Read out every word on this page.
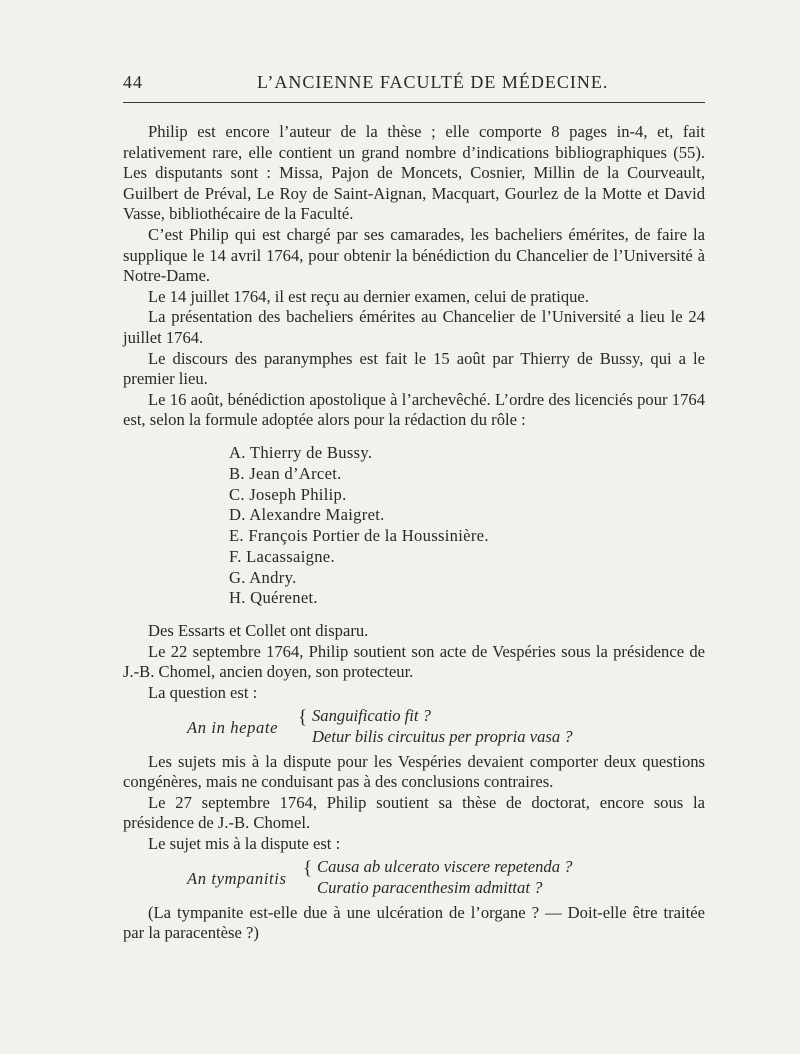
44	L’ANCIENNE FACULTÉ DE MÉDECINE.

Philip est encore l’auteur de la thèse ; elle comporte 8 pages in-4, et, fait relativement rare, elle contient un grand nombre d’indications bibliographiques (55). Les disputants sont : Missa, Pajon de Moncets, Cosnier, Millin de la Courveault, Guilbert de Préval, Le Roy de Saint-Aignan, Macquart, Gourlez de la Motte et David Vasse, bibliothécaire de la Faculté.

C’est Philip qui est chargé par ses camarades, les bacheliers émérites, de faire la supplique le 14 avril 1764, pour obtenir la bénédiction du Chancelier de l’Université à Notre-Dame.

Le 14 juillet 1764, il est reçu au dernier examen, celui de pratique.

La présentation des bacheliers émérites au Chancelier de l’Université a lieu le 24 juillet 1764.

Le discours des paranymphes est fait le 15 août par Thierry de Bussy, qui a le premier lieu.

Le 16 août, bénédiction apostolique à l’archevêché. L’ordre des licenciés pour 1764 est, selon la formule adoptée alors pour la rédaction du rôle :

A. Thierry de Bussy.
B. Jean d’Arcet.
C. Joseph Philip.
D. Alexandre Maigret.
E. François Portier de la Houssinière.
F. Lacassaigne.
G. Andry.
H. Quérenet.

Des Essarts et Collet ont disparu.

Le 22 septembre 1764, Philip soutient son acte de Vespéries sous la présidence de J.-B. Chomel, ancien doyen, son protecteur.

La question est :

An in hepate { Sanguificatio fit ?
Detur bilis circuitus per propria vasa ?

Les sujets mis à la dispute pour les Vespéries devaient comporter deux questions congénères, mais ne conduisant pas à des conclusions contraires.

Le 27 septembre 1764, Philip soutient sa thèse de doctorat, encore sous la présidence de J.-B. Chomel.

Le sujet mis à la dispute est :

An tympanitis { Causa ab ulcerato viscere repetenda ?
Curatio paracenthesim admittat ?

(La tympanite est-elle due à une ulcération de l’organe ? — Doit-elle être traitée par la paracentèse ?)
